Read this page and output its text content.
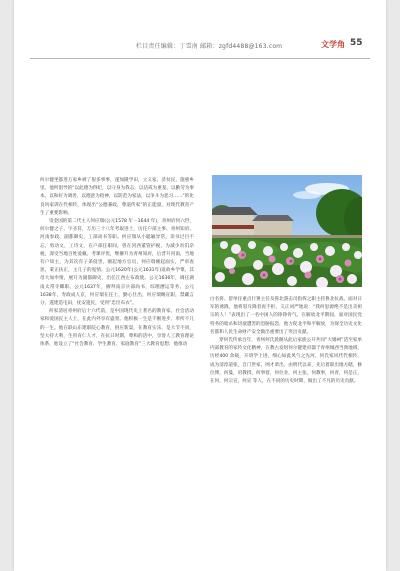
栏目责任编辑：丁雪南 邮箱：zgfd4488@163.com	文学角 55

何尔健坐都进万家乡被了很多事事，遂加隆学田，立义家，济贫民，施惠乡里。他所倡导的“以此德为得纪，以守身为我志，以洁戒为重基，以勤劳为事本，以和好为调善，以德意为指神，以防范为家法，以争斗为恶习……”的化良风家训在代相传，体现出“公德兼政，尊道传家”的正能量，对现代教育产生了重要影响。

崇金国的第二代主人何应瑞(公元1578 年－1644 年)，青州府何六世，何尔健之子，字圣符，万历三十八年考取进士，历任户部主事、青州知府、河南参政、副都御史、工部尚书等职。何应瑞从小聪颖异常，读书过目不忘，勇动文，工诗文，在户部任职间，曾在河西董管护税，为减少贫饥杂税，深受当地百姓爱戴。考课评优，继擢升为青州知府，后晋升河南，当地有户知主，为其次有子弟侵害，刚起地方官员，何应瑞刚起面实，严审查惩，秉正扶正，主儿子的冤情。公元1620年(公元1631年)返故乡学菜，其母大加申情，展升为副都御史，出任江西左布政使。公元1636年，调任湖南太常寺卿职。公元1637年，擢拜南京兵部尚书，综理漕运等务。公元1638年，寿政成人京，何应瑞在任上，勤心仕出，何应瑞赐宣职，禁藏言分，遂建造屯田，抚安遗民，受到“忠臣布衣”。

何家清居青州府后十六代前，是中国现代史上著名的教育家、社会活动家和爱国民主人士，在此内外享有盛誉。他积极一生是不断进步、奉所不几的一生。他在联山东建职院心教育，供应新渠，在教育实乐，是大节不同，坚大持大利，生用育仁人才，在抗日时期，尊和的活中，享誉人工教育理论体系，他设立了“社会教育、学生教育、家庭教育”三大教育思想；他推动

白名将、留单任重点行署主任及鲁北游击司指挥之职主持鲁北抗战，面对日军的诱降，他将怒斥降者再不拒，义正词严地说：“我何思源绝不是出卖祖宗的人！”表现出了一名中国人的铮铮骨气。在解放北平期间，面对国民党特务的暗杀和切欲遭害的恐胁报恐，他力促北平和平解放，为保全历史文化名都和人民生命财产安全做出重要出了突出贡献。

穿何氏传承百年，青州何氏晨阁从此后家族公开共同“大婚祠”活至家单内部教育的家传文化精神，在教古发组何尔健建府邸于青州城西当典地域，历经400 余载，开班学上进，细心如此风气之先河，何氏家风代代相传，成为清淳道张，自门世家，网才辈出，由明代以来，先后着职出地方储，修位博，何曼，府教授，何事督，何位业，何主张，何教事，何青，何是正，在何，何宗宣，何宣 等人，在不同的历史时期，做出了不凡的历史贡献。
